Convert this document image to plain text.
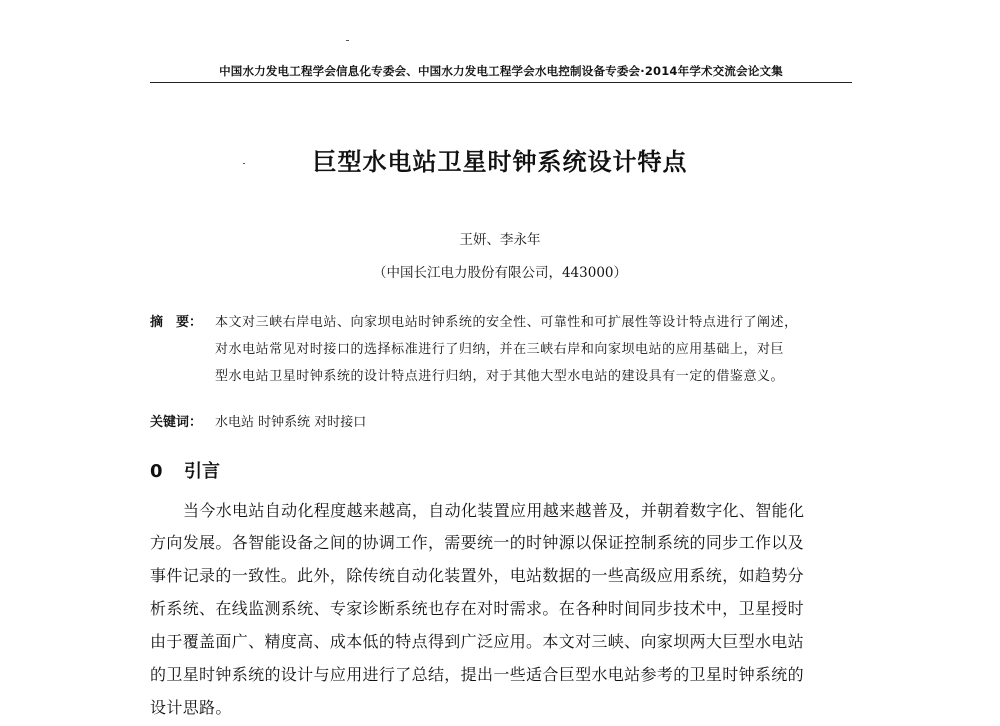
中国水力发电工程学会信息化专委会、中国水力发电工程学会水电控制设备专委会·2014年学术交流会论文集
巨型水电站卫星时钟系统设计特点
王妍、李永年
（中国长江电力股份有限公司，443000）
摘　要： 本文对三峡右岸电站、向家坝电站时钟系统的安全性、可靠性和可扩展性等设计特点进行了阐述，
对水电站常见对时接口的选择标准进行了归纳，并在三峡右岸和向家坝电站的应用基础上，对巨
型水电站卫星时钟系统的设计特点进行归纳，对于其他大型水电站的建设具有一定的借鉴意义。
关键词： 水电站 时钟系统 对时接口
0 引言
当今水电站自动化程度越来越高，自动化装置应用越来越普及，并朝着数字化、智能化
方向发展。各智能设备之间的协调工作，需要统一的时钟源以保证控制系统的同步工作以及
事件记录的一致性。此外，除传统自动化装置外，电站数据的一些高级应用系统，如趋势分
析系统、在线监测系统、专家诊断系统也存在对时需求。在各种时间同步技术中，卫星授时
由于覆盖面广、精度高、成本低的特点得到广泛应用。本文对三峡、向家坝两大巨型水电站
的卫星时钟系统的设计与应用进行了总结，提出一些适合巨型水电站参考的卫星时钟系统的
设计思路。
